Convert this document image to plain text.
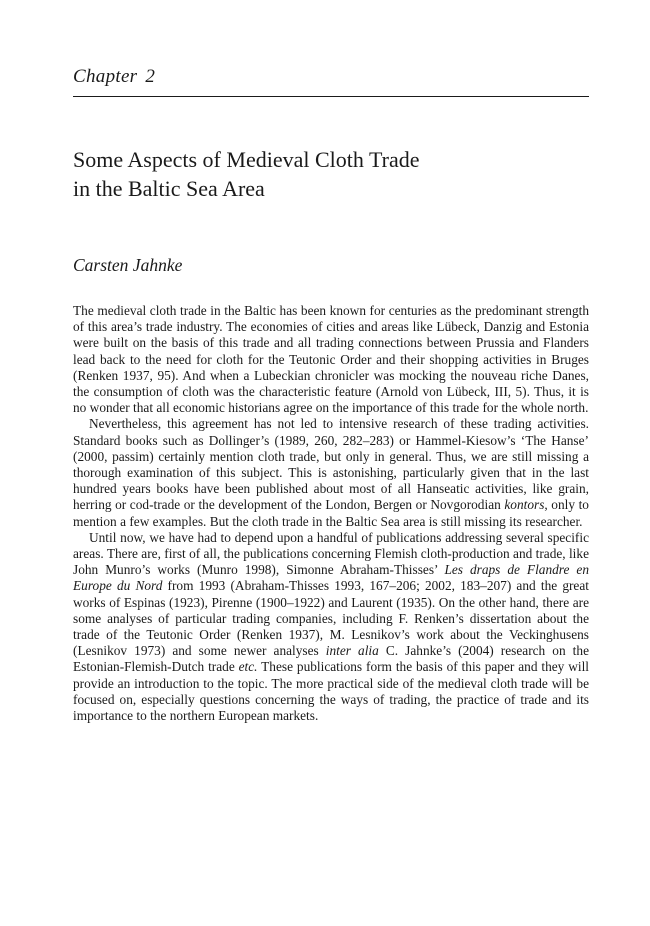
Chapter 2
Some Aspects of Medieval Cloth Trade
in the Baltic Sea Area
Carsten Jahnke

The medieval cloth trade in the Baltic has been known for centuries as the predominant strength of this area’s trade industry. The economies of cities and areas like Lübeck, Danzig and Estonia were built on the basis of this trade and all trading connections between Prussia and Flanders lead back to the need for cloth for the Teutonic Order and their shopping activities in Bruges (Renken 1937, 95). And when a Lubeckian chronicler was mocking the nouveau riche Danes, the consumption of cloth was the characteristic feature (Arnold von Lübeck, III, 5). Thus, it is no wonder that all economic historians agree on the importance of this trade for the whole north.

Nevertheless, this agreement has not led to intensive research of these trading activities. Standard books such as Dollinger’s (1989, 260, 282–283) or Hammel-Kiesow’s ‘The Hanse’ (2000, passim) certainly mention cloth trade, but only in general. Thus, we are still missing a thorough examination of this subject. This is astonishing, particularly given that in the last hundred years books have been published about most of all Hanseatic activities, like grain, herring or cod-trade or the development of the London, Bergen or Novgorodian kontors, only to mention a few examples. But the cloth trade in the Baltic Sea area is still missing its researcher.

Until now, we have had to depend upon a handful of publications addressing several specific areas. There are, first of all, the publications concerning Flemish cloth-production and trade, like John Munro’s works (Munro 1998), Simonne Abraham-Thisses’ Les draps de Flandre en Europe du Nord from 1993 (Abraham-Thisses 1993, 167–206; 2002, 183–207) and the great works of Espinas (1923), Pirenne (1900–1922) and Laurent (1935). On the other hand, there are some analyses of particular trading companies, including F. Renken’s dissertation about the trade of the Teutonic Order (Renken 1937), M. Lesnikov’s work about the Veckinghusens (Lesnikov 1973) and some newer analyses inter alia C. Jahnke’s (2004) research on the Estonian-Flemish-Dutch trade etc. These publications form the basis of this paper and they will provide an introduction to the topic. The more practical side of the medieval cloth trade will be focused on, especially questions concerning the ways of trading, the practice of trade and its importance to the northern European markets.
